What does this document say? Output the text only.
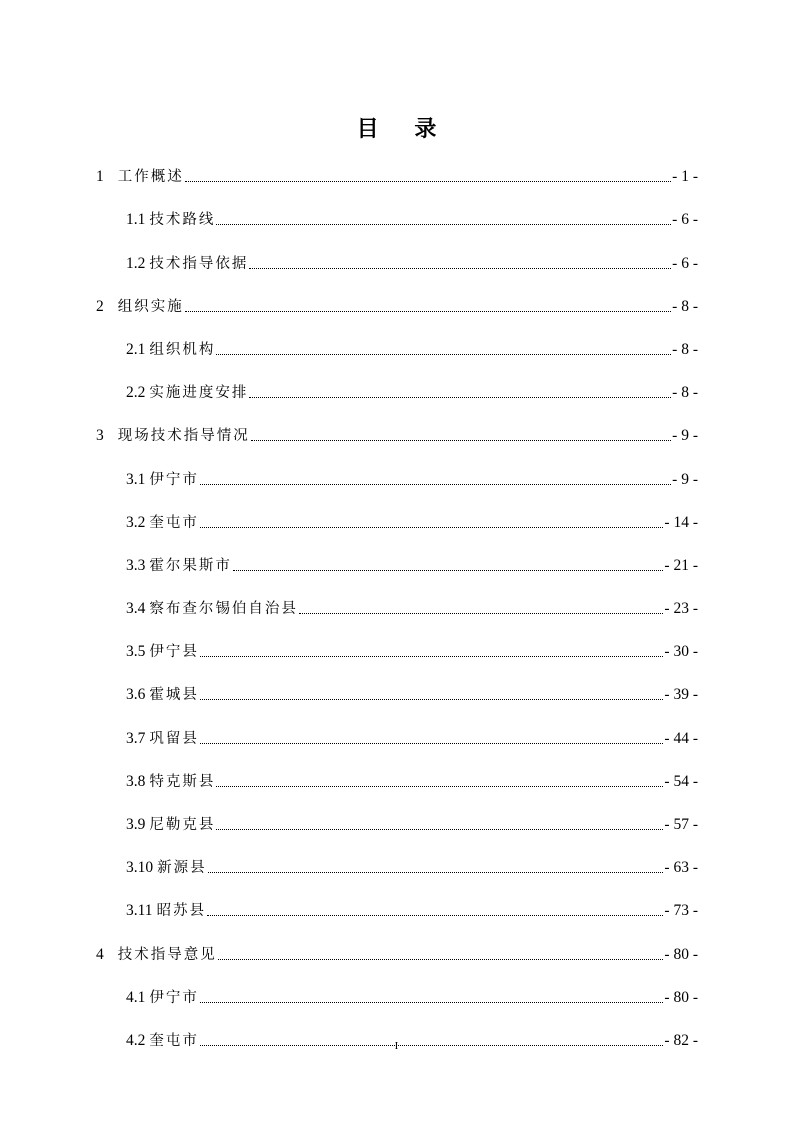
目 录
1 工作概述	- 1 -
1.1 技术路线	- 6 -
1.2 技术指导依据	- 6 -
2 组织实施	- 8 -
2.1 组织机构	- 8 -
2.2 实施进度安排	- 8 -
3 现场技术指导情况	- 9 -
3.1 伊宁市	- 9 -
3.2 奎屯市	- 14 -
3.3 霍尔果斯市	- 21 -
3.4 察布查尔锡伯自治县	- 23 -
3.5 伊宁县	- 30 -
3.6 霍城县	- 39 -
3.7 巩留县	- 44 -
3.8 特克斯县	- 54 -
3.9 尼勒克县	- 57 -
3.10 新源县	- 63 -
3.11 昭苏县	- 73 -
4 技术指导意见	- 80 -
4.1 伊宁市	- 80 -
4.2 奎屯市	- 82 -
I
